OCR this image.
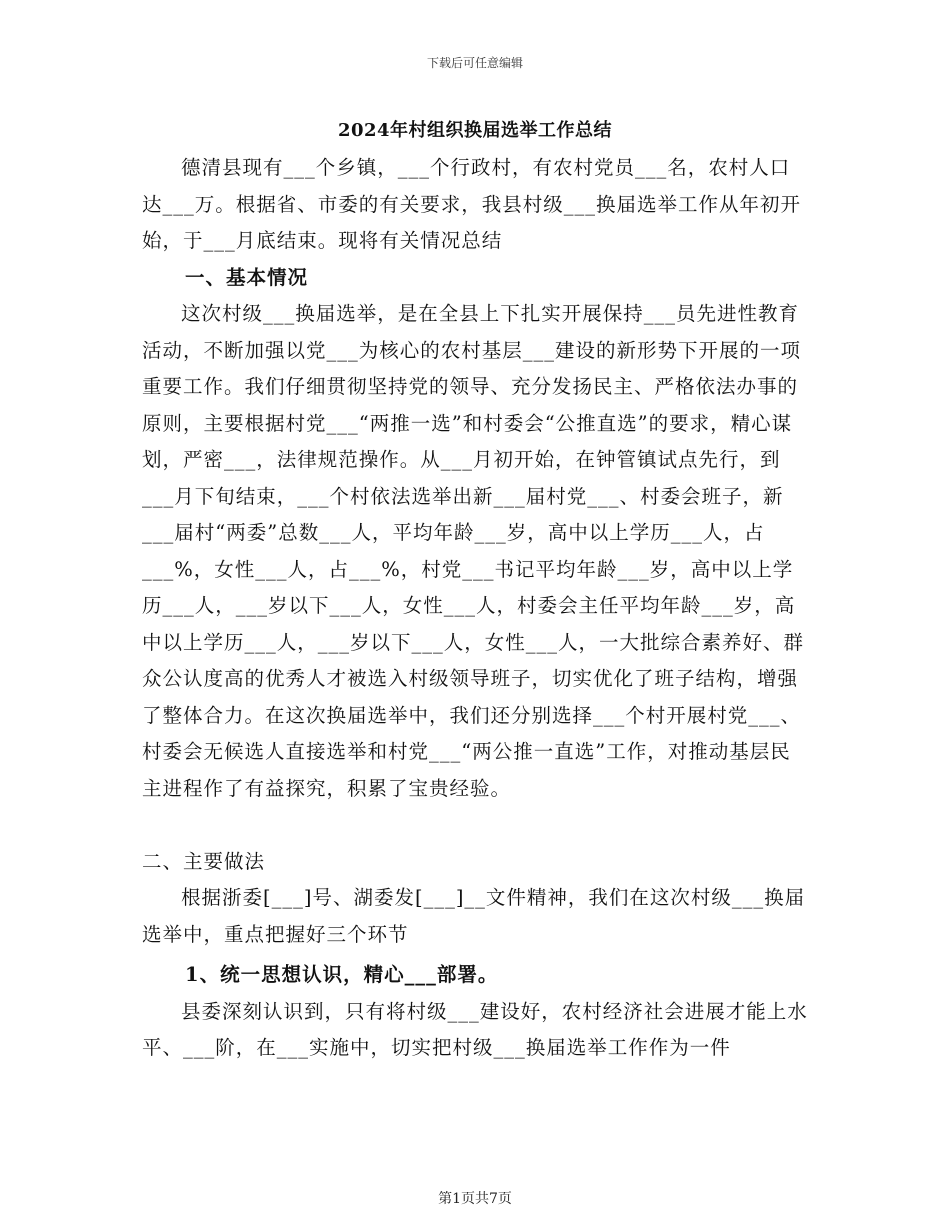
下载后可任意编辑
2024年村组织换届选举工作总结

德清县现有___个乡镇，___个行政村，有农村党员___名，农村人口达___万。根据省、市委的有关要求，我县村级___换届选举工作从年初开始，于___月底结束。现将有关情况总结

一、基本情况

这次村级___换届选举，是在全县上下扎实开展保持___员先进性教育活动，不断加强以党___为核心的农村基层___建设的新形势下开展的一项重要工作。我们仔细贯彻坚持党的领导、充分发扬民主、严格依法办事的原则，主要根据村党___“两推一选”和村委会“公推直选”的要求，精心谋划，严密___，法律规范操作。从___月初开始，在钟管镇试点先行，到___月下旬结束，___个村依法选举出新___届村党___、村委会班子，新___届村“两委”总数___人，平均年龄___岁，高中以上学历___人，占___%，女性___人，占___%，村党___书记平均年龄___岁，高中以上学历___人，___岁以下___人，女性___人，村委会主任平均年龄___岁，高中以上学历___人，___岁以下___人，女性___人，一大批综合素养好、群众公认度高的优秀人才被选入村级领导班子，切实优化了班子结构，增强了整体合力。在这次换届选举中，我们还分别选择___个村开展村党___、村委会无候选人直接选举和村党___“两公推一直选”工作，对推动基层民主进程作了有益探究，积累了宝贵经验。

二、主要做法

根据浙委[___]号、湖委发[___]__文件精神，我们在这次村级___换届选举中，重点把握好三个环节

1、统一思想认识，精心___部署。

县委深刻认识到，只有将村级___建设好，农村经济社会进展才能上水平、___阶，在___实施中，切实把村级___换届选举工作作为一件

第1页共7页
